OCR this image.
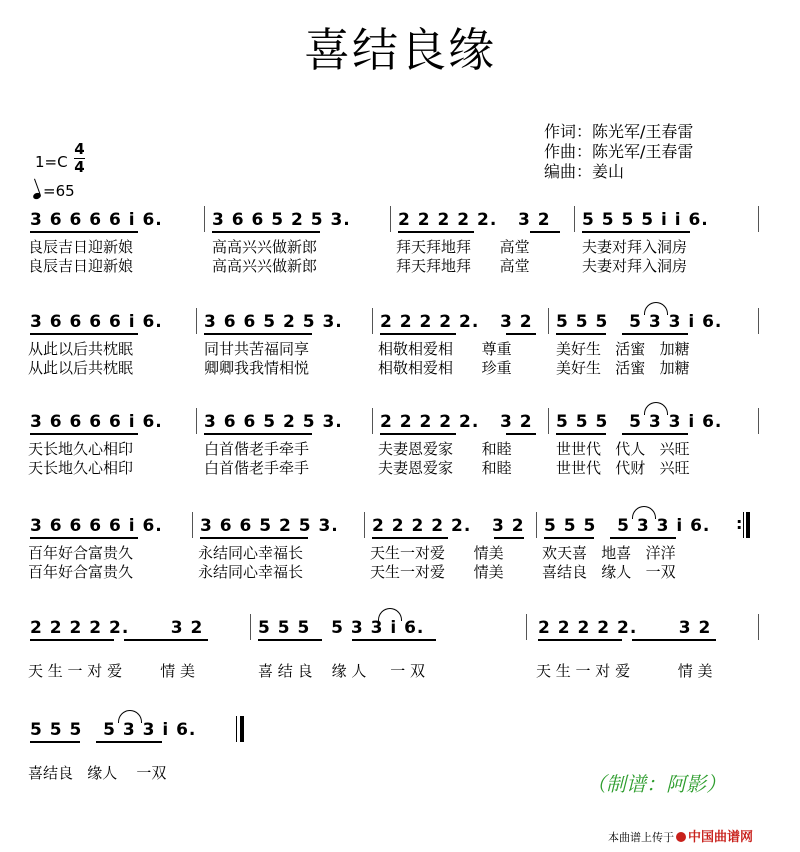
喜结良缘
作词：陈光军/王春雷
作曲：陈光军/王春雷
编曲：姜山
1=C
4
4
=65
3 6 6 6 6 i 6.	3 6 6 5 2 5 3.	2 2 2 2 2.   3 2 5 5 5 5 i i 6.
良辰吉日迎新娘	高高兴兴做新郎	拜天拜地拜      高堂	夫妻对拜入洞房
良辰吉日迎新娘	高高兴兴做新郎	拜天拜地拜      高堂	夫妻对拜入洞房
3 6 6 6 6 i 6. 3 6 6 5 2 5 3. 2 2 2 2 2.   3 2 5 5 5   5 3 3 i 6.
从此以后共枕眠	同甘共苦福同享	相敬相爱相      尊重	美好生   活蜜   加糖
从此以后共枕眠	卿卿我我情相悦	相敬相爱相      珍重	美好生   活蜜   加糖
3 6 6 6 6 i 6. 3 6 6 5 2 5 3. 2 2 2 2 2.   3 2 5 5 5   5 3 3 i 6.
天长地久心相印	白首偕老手牵手	夫妻恩爱家      和睦	世世代   代人   兴旺
天长地久心相印	白首偕老手牵手	夫妻恩爱家      和睦	世世代   代财   兴旺
3 6 6 6 6 i 6. 3 6 6 5 2 5 3. 2 2 2 2 2.   3 2 5 5 5   5 3 3 i 6. :
百年好合富贵久	永结同心幸福长	天生一对爱      情美	欢天喜   地喜   洋洋
百年好合富贵久	永结同心幸福长	天生一对爱      情美	喜结良   缘人   一双
2 2 2 2 2.      3 2	5 5 5   5 3 3 i 6.	2 2 2 2 2.      3 2
天 生 一 对 爱        情 美	喜 结 良    缘 人     一 双	天 生 一 对 爱          情 美
5 5 5   5 3 3 i 6.
喜结良   缘人    一双	（制谱：阿影）
本曲谱上传于 中国曲谱网
